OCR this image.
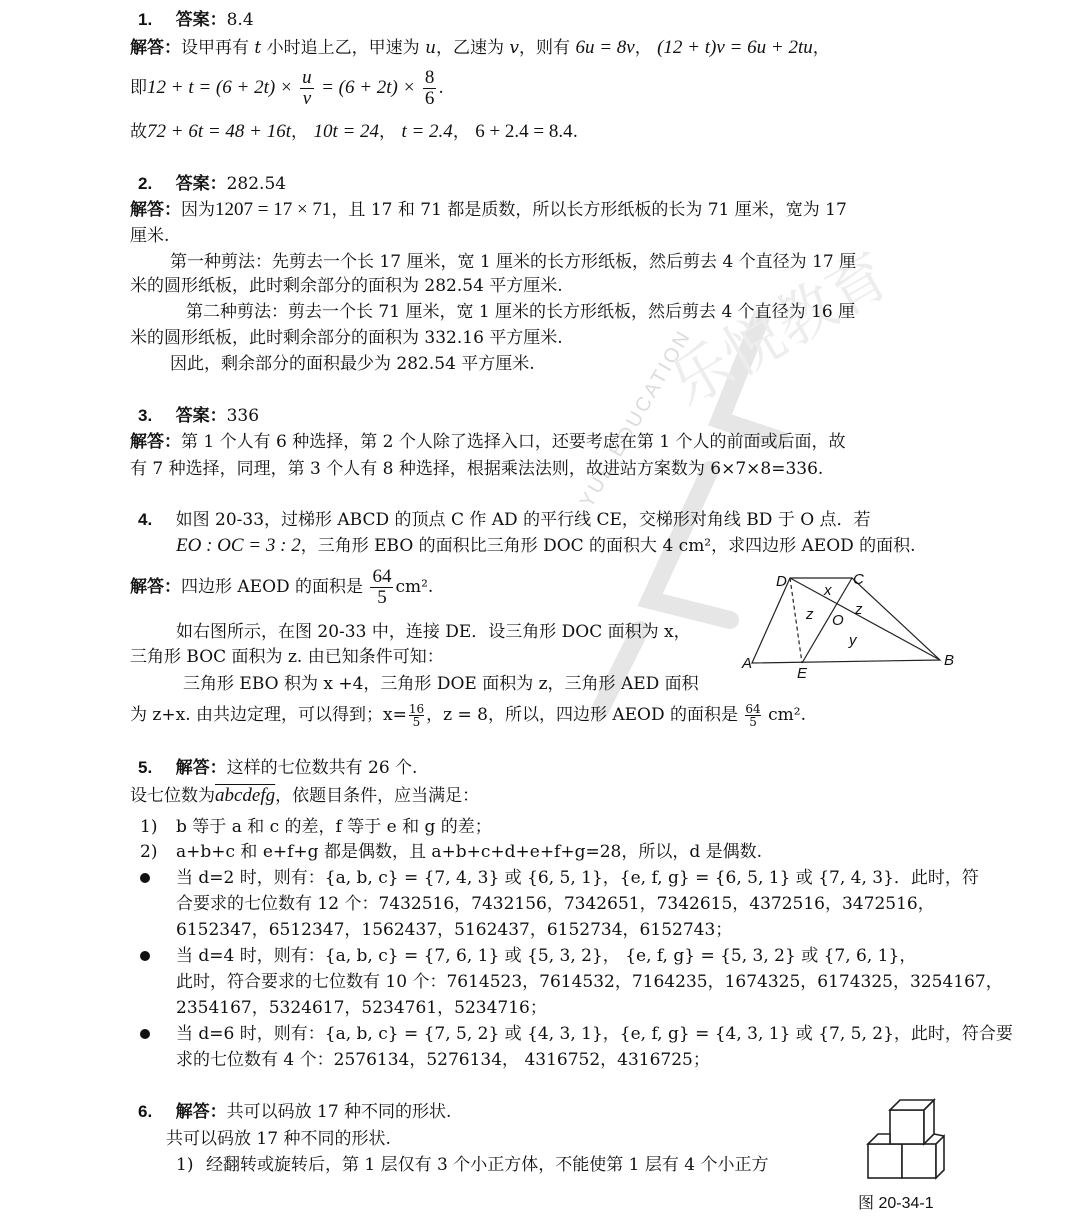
YUE EDUCATION
乐悦教育
1. 答案：8.4
解答：设甲再有 t 小时追上乙，甲速为 u，乙速为 v，则有 6u = 8v， (12 + t)v = 6u + 2tu，
即$12 + t = (6 + 2t) \times \frac{u}{v} = (6 + 2t) \times \frac{8}{6}$ .
故72 + 6t = 48 + 16t， 10t = 24， t = 2.4， 6 + 2.4 = 8.4.
2. 答案：282.54
解答：因为1207 = 17 × 71，且 17 和 71 都是质数，所以长方形纸板的长为 71 厘米，宽为 17
厘米.
第一种剪法：先剪去一个长 17 厘米，宽 1 厘米的长方形纸板，然后剪去 4 个直径为 17 厘
米的圆形纸板，此时剩余部分的面积为 282.54 平方厘米.
第二种剪法：剪去一个长 71 厘米，宽 1 厘米的长方形纸板，然后剪去 4 个直径为 16 厘
米的圆形纸板，此时剩余部分的面积为 332.16 平方厘米.
因此，剩余部分的面积最少为 282.54 平方厘米.
3. 答案：336
解答：第 1 个人有 6 种选择，第 2 个人除了选择入口，还要考虑在第 1 个人的前面或后面，故
有 7 种选择，同理，第 3 个人有 8 种选择，根据乘法法则，故进站方案数为 6×7×8=336.
4. 如图 20-33，过梯形 ABCD 的顶点 C 作 AD 的平行线 CE，交梯形对角线 BD 于 O 点．若
EO : OC = 3 : 2，三角形 EBO 的面积比三角形 DOC 的面积大 4 cm²，求四边形 AEOD 的面积.
解答：四边形 AEOD 的面积是 $\frac{64}{5} cm^2$.
如右图所示，在图 20-33 中，连接 DE．设三角形 DOC 面积为 x，
三角形 BOC 面积为 z. 由已知条件可知：
三角形 EBO 积为 x +4，三角形 DOE 面积为 z，三角形 AED 面积
为 z+x. 由共边定理，可以得到；$x= \frac{16}{5}$ ，z = 8，所以，四边形 AEOD 的面积是 $\frac{64}{5} cm^2$.
A	B
C
D
E
O
x
y
z	z
5. 解答：这样的七位数共有 26 个.
设七位数为abcdefg，依题目条件，应当满足：
1) b 等于 a 和 c 的差，f 等于 e 和 g 的差；
2) a+b+c 和 e+f+g 都是偶数，且 a+b+c+d+e+f+g=28，所以，d 是偶数.
当 d=2 时，则有：{a, b, c} = {7, 4, 3} 或 {6, 5, 1}，{e, f, g} = {6, 5, 1} 或 {7, 4, 3}．此时，符
合要求的七位数有 12 个：7432516，7432156，7342651，7342615，4372516，3472516，
6152347，6512347，1562437，5162437，6152734，6152743；
当 d=4 时，则有：{a, b, c} = {7, 6, 1} 或 {5, 3, 2}， {e, f, g} = {5, 3, 2} 或 {7, 6, 1}，
此时，符合要求的七位数有 10 个：7614523，7614532，7164235，1674325，6174325，3254167，
2354167，5324617，5234761，5234716；
当 d=6 时，则有：{a, b, c} = {7, 5, 2} 或 {4, 3, 1}，{e, f, g} = {4, 3, 1} 或 {7, 5, 2}，此时，符合要
求的七位数有 4 个：2576134，5276134， 4316752，4316725；
6. 解答：共可以码放 17 种不同的形状.
共可以码放 17 种不同的形状.
1) 经翻转或旋转后，第 1 层仅有 3 个小正方体，不能使第 1 层有 4 个小正方
图 20-34-1
